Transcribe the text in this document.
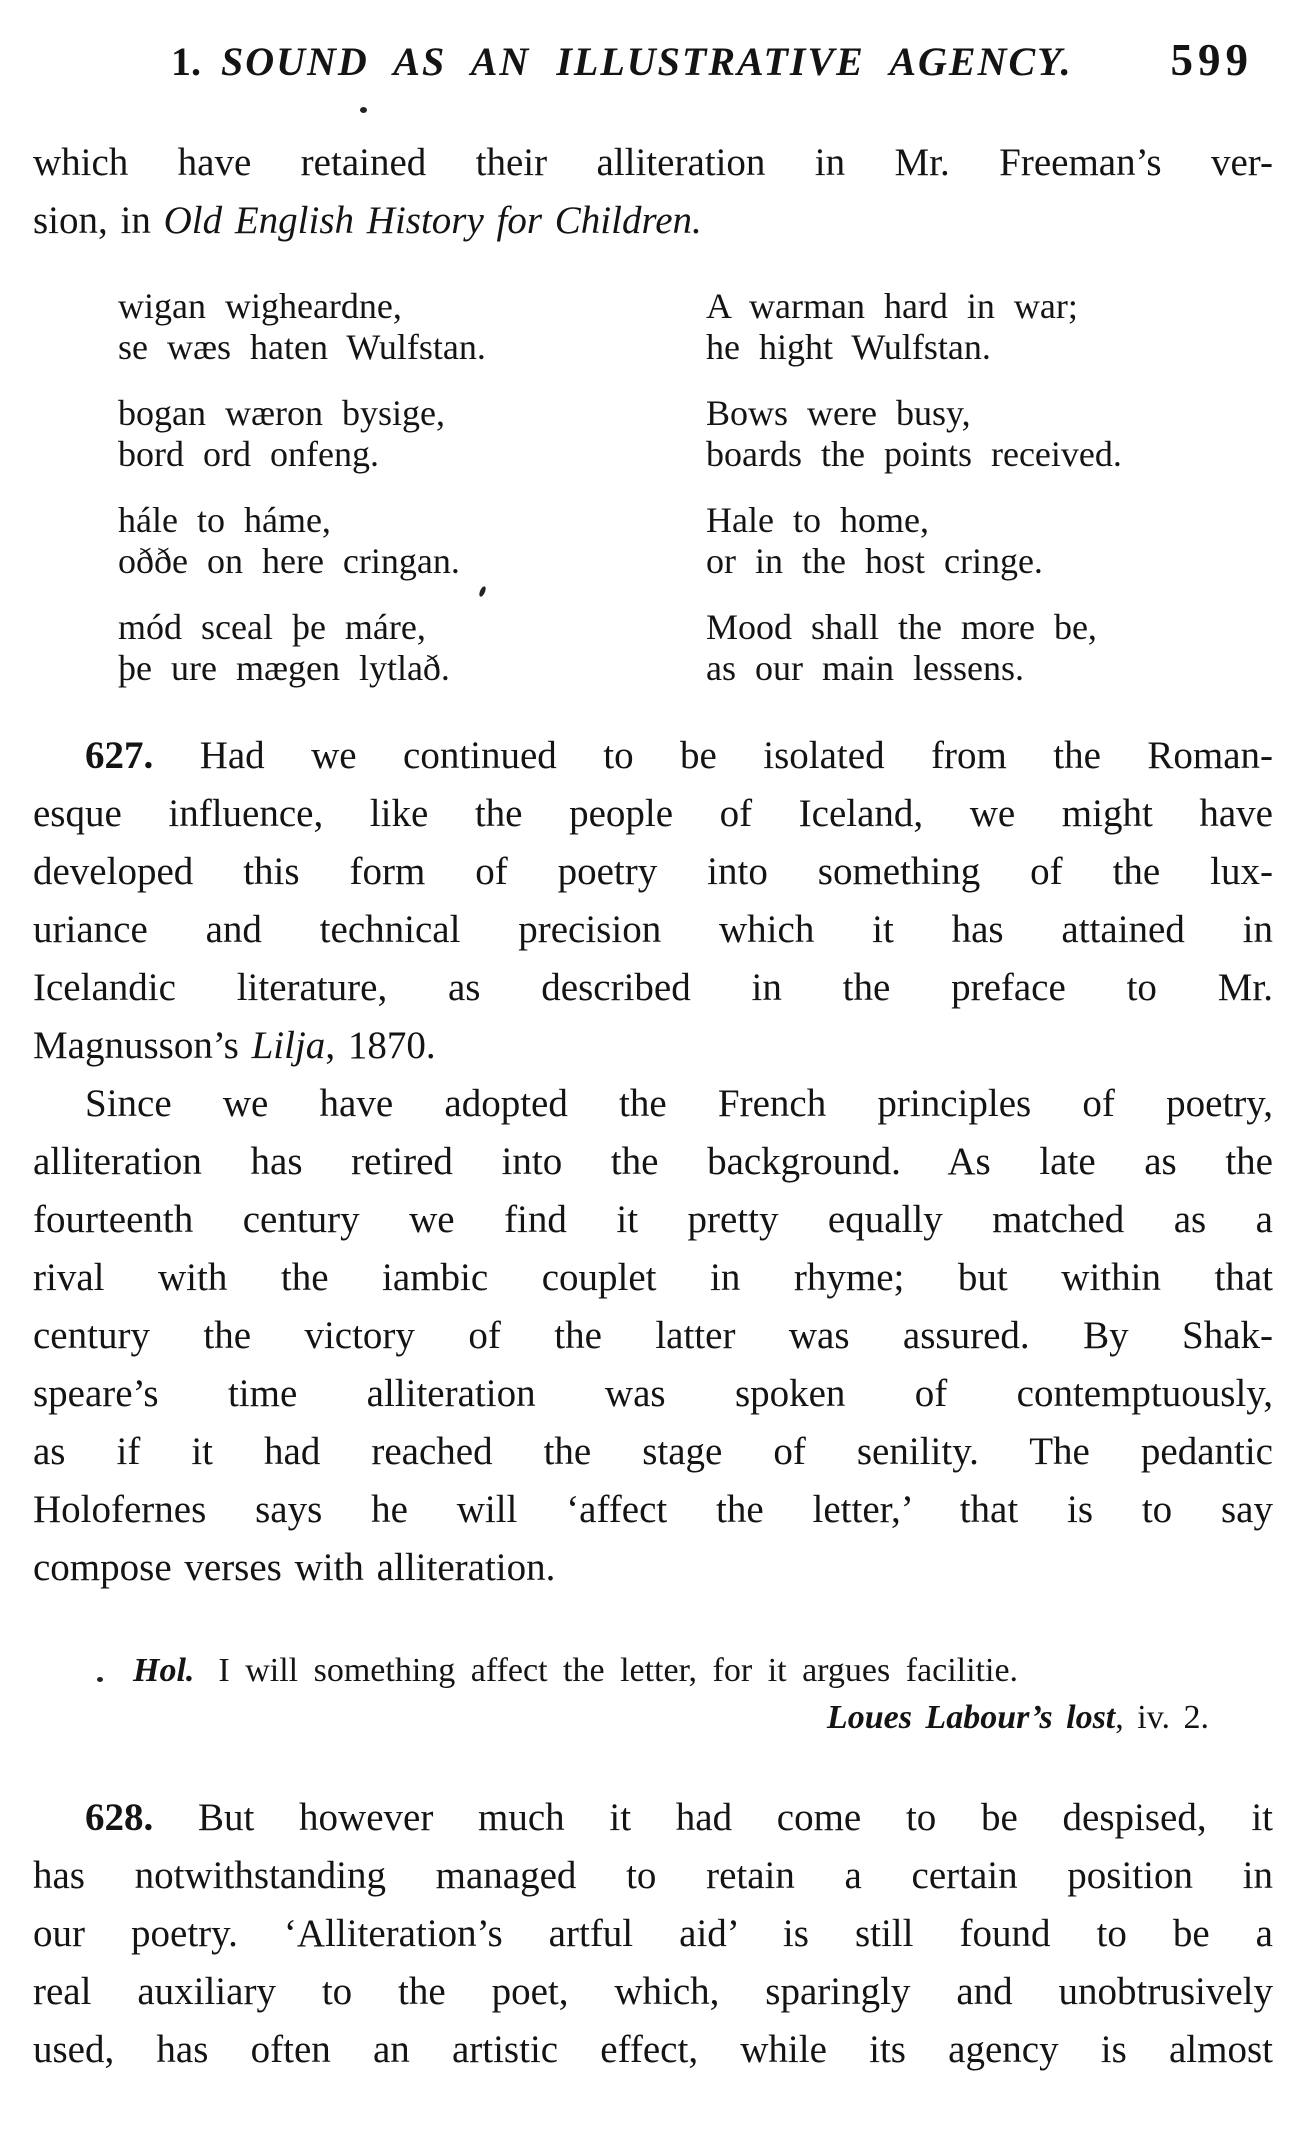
1. SOUND AS AN ILLUSTRATIVE AGENCY. 599
which have retained their alliteration in Mr. Freeman’s ver-
sion, in Old English History for Children.
wigan wigheardne,
se wæs haten Wulfstan.
A warman hard in war;
he hight Wulfstan.
bogan wæron bysige,
bord ord onfeng.
Bows were busy,
boards the points received.
hále to háme,
oððe on here cringan.
Hale to home,
or in the host cringe.
mód sceal þe máre,
þe ure mægen lytlað.
Mood shall the more be,
as our main lessens.
627. Had we continued to be isolated from the Roman-
esque influence, like the people of Iceland, we might have
developed this form of poetry into something of the lux-
uriance and technical precision which it has attained in
Icelandic literature, as described in the preface to Mr.
Magnusson’s Lilja, 1870.
Since we have adopted the French principles of poetry,
alliteration has retired into the background. As late as the
fourteenth century we find it pretty equally matched as a
rival with the iambic couplet in rhyme; but within that
century the victory of the latter was assured. By Shak-
speare’s time alliteration was spoken of contemptuously,
as if it had reached the stage of senility. The pedantic
Holofernes says he will ‘affect the letter,’ that is to say
compose verses with alliteration.
Hol. I will something affect the letter, for it argues facilitie.
Loues Labour’s lost, iv. 2.
628. But however much it had come to be despised, it
has notwithstanding managed to retain a certain position in
our poetry. ‘Alliteration’s artful aid’ is still found to be a
real auxiliary to the poet, which, sparingly and unobtrusively
used, has often an artistic effect, while its agency is almost
